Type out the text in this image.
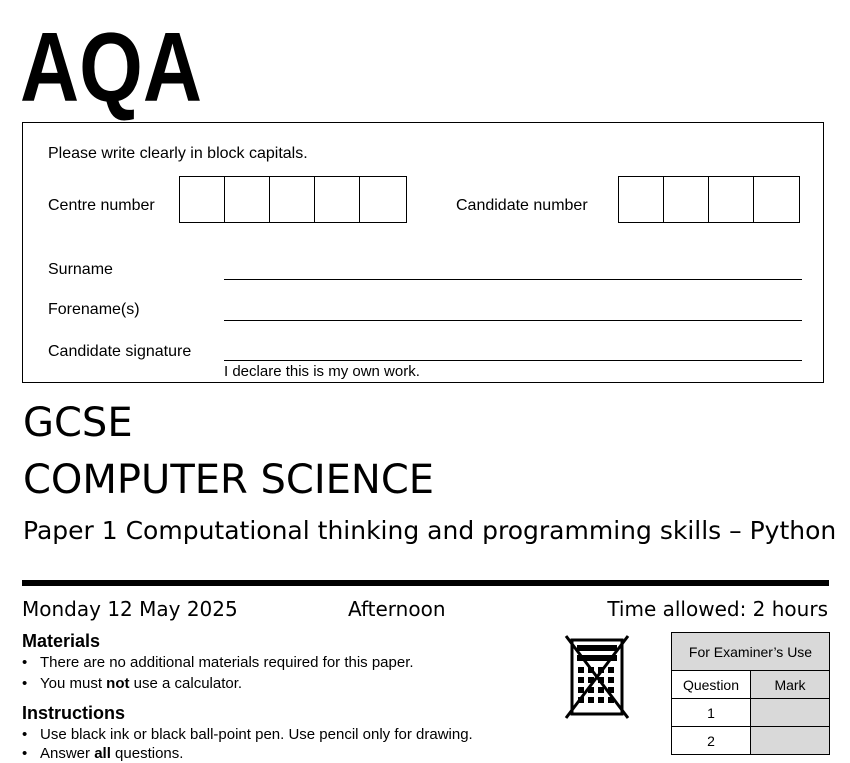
AQA
Please write clearly in block capitals.
Centre number	Candidate number
Surname
Forename(s)
Candidate signature
I declare this is my own work.
GCSE
COMPUTER SCIENCE
Paper 1 Computational thinking and programming skills – Python
Monday 12 May 2025	Afternoon	Time allowed: 2 hours
Materials
• There are no additional materials required for this paper.
• You must not use a calculator.
Instructions
• Use black ink or black ball-point pen. Use pencil only for drawing.
• Answer all questions.
For Examiner’s Use	
Question	Mark
1	
2	
